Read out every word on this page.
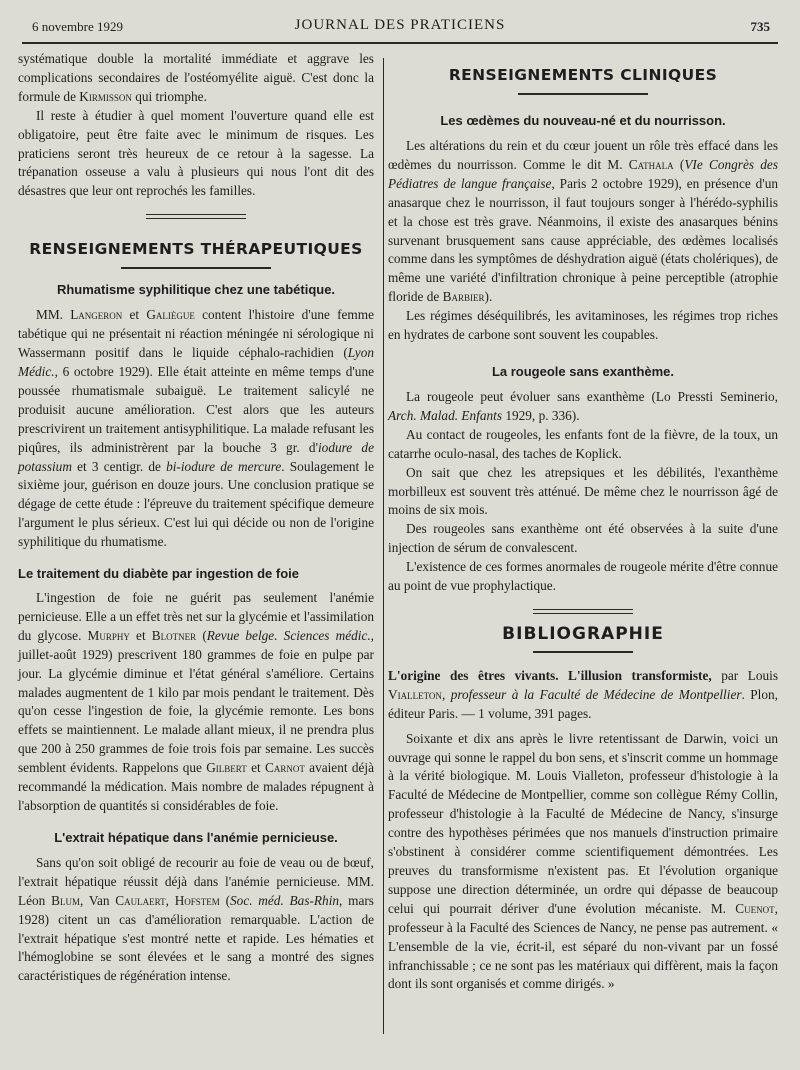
6 novembre 1929	JOURNAL DES PRATICIENS	735

systématique double la mortalité immédiate et aggrave les complications secondaires de l'ostéomyélite aiguë. C'est donc la formule de Kirmisson qui triomphe.

Il reste à étudier à quel moment l'ouverture quand elle est obligatoire, peut être faite avec le minimum de risques. Les praticiens seront très heureux de ce retour à la sagesse. La trépanation osseuse a valu à plusieurs qui nous l'ont dit des désastres que leur ont reprochés les familles.

RENSEIGNEMENTS THÉRAPEUTIQUES
Rhumatisme syphilitique chez une tabétique.

MM. Langeron et Galiègue content l'histoire d'une femme tabétique qui ne présentait ni réaction méningée ni sérologique ni Wassermann positif dans le liquide céphalo-rachidien (Lyon Médic., 6 octobre 1929). Elle était atteinte en même temps d'une poussée rhumatismale subaiguë. Le traitement salicylé ne produisit aucune amélioration. C'est alors que les auteurs prescrivirent un traitement antisyphilitique. La malade refusant les piqûres, ils administrèrent par la bouche 3 gr. d'iodure de potassium et 3 centigr. de bi-iodure de mercure. Soulagement le sixième jour, guérison en douze jours. Une conclusion pratique se dégage de cette étude : l'épreuve du traitement spécifique demeure l'argument le plus sérieux. C'est lui qui décide ou non de l'origine syphilitique du rhumatisme.

Le traitement du diabète par ingestion de foie

L'ingestion de foie ne guérit pas seulement l'anémie pernicieuse. Elle a un effet très net sur la glycémie et l'assimilation du glycose. Murphy et Blotner (Revue belge. Sciences médic., juillet-août 1929) prescrivent 180 grammes de foie en pulpe par jour. La glycémie diminue et l'état général s'améliore. Certains malades augmentent de 1 kilo par mois pendant le traitement. Dès qu'on cesse l'ingestion de foie, la glycémie remonte. Les bons effets se maintiennent. Le malade allant mieux, il ne prendra plus que 200 à 250 grammes de foie trois fois par semaine. Les succès semblent évidents. Rappelons que Gilbert et Carnot avaient déjà recommandé la médication. Mais nombre de malades répugnent à l'absorption de quantités si considérables de foie.

L'extrait hépatique dans l'anémie pernicieuse.

Sans qu'on soit obligé de recourir au foie de veau ou de bœuf, l'extrait hépatique réussit déjà dans l'anémie pernicieuse. MM. Léon Blum, Van Caulaert, Hofstem (Soc. méd. Bas-Rhin, mars 1928) citent un cas d'amélioration remarquable. L'action de l'extrait hépatique s'est montré nette et rapide. Les hématies et l'hémoglobine se sont élevées et le sang a montré des signes caractéristiques de régénération intense.

RENSEIGNEMENTS CLINIQUES
Les œdèmes du nouveau-né et du nourrisson.

Les altérations du rein et du cœur jouent un rôle très effacé dans les œdèmes du nourrisson. Comme le dit M. Cathala (VIe Congrès des Pédiatres de langue française, Paris 2 octobre 1929), en présence d'un anasarque chez le nourrisson, il faut toujours songer à l'hérédo-syphilis et la chose est très grave. Néanmoins, il existe des anasarques bénins survenant brusquement sans cause appréciable, des œdèmes localisés comme dans les symptômes de déshydration aiguë (états cholériques), de même une variété d'infiltration chronique à peine perceptible (atrophie floride de Barbier).

Les régimes déséquilibrés, les avitaminoses, les régimes trop riches en hydrates de carbone sont souvent les coupables.

La rougeole sans exanthème.

La rougeole peut évoluer sans exanthème (Lo Pressti Seminerio, Arch. Malad. Enfants 1929, p. 336).

Au contact de rougeoles, les enfants font de la fièvre, de la toux, un catarrhe oculo-nasal, des taches de Koplick.

On sait que chez les atrepsiques et les débilités, l'exanthème morbilleux est souvent très atténué. De même chez le nourrisson âgé de moins de six mois.

Des rougeoles sans exanthème ont été observées à la suite d'une injection de sérum de convalescent.

L'existence de ces formes anormales de rougeole mérite d'être connue au point de vue prophylactique.

BIBLIOGRAPHIE

L'origine des êtres vivants. L'illusion transformiste, par Louis Vialleton, professeur à la Faculté de Médecine de Montpellier. Plon, éditeur Paris. — 1 volume, 391 pages.

Soixante et dix ans après le livre retentissant de Darwin, voici un ouvrage qui sonne le rappel du bon sens, et s'inscrit comme un hommage à la vérité biologique. M. Louis Vialleton, professeur d'histologie à la Faculté de Médecine de Montpellier, comme son collègue Rémy Collin, professeur d'histologie à la Faculté de Médecine de Nancy, s'insurge contre des hypothèses périmées que nos manuels d'instruction primaire s'obstinent à considérer comme scientifiquement démontrées. Les preuves du transformisme n'existent pas. Et l'évolution organique suppose une direction déterminée, un ordre qui dépasse de beaucoup celui qui pourrait dériver d'une évolution mécaniste. M. Cuenot, professeur à la Faculté des Sciences de Nancy, ne pense pas autrement. « L'ensemble de la vie, écrit-il, est séparé du non-vivant par un fossé infranchissable ; ce ne sont pas les matériaux qui diffèrent, mais la façon dont ils sont organisés et comme dirigés. »
